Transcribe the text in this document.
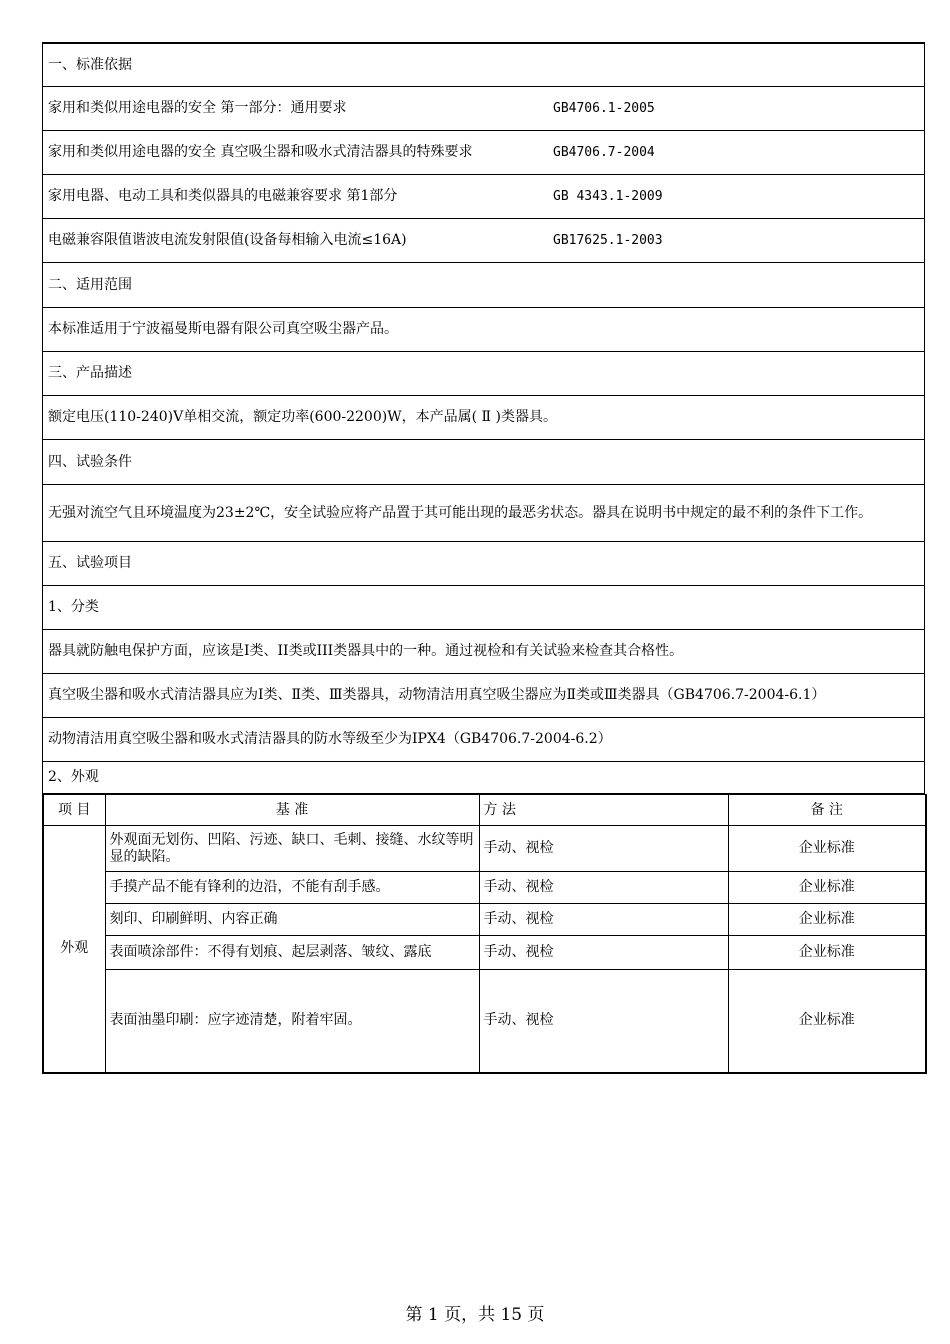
一、标准依据
家用和类似用途电器的安全 第一部分：通用要求	GB4706.1-2005
家用和类似用途电器的安全 真空吸尘器和吸水式清洁器具的特殊要求	GB4706.7-2004
家用电器、电动工具和类似器具的电磁兼容要求 第1部分	GB 4343.1-2009
电磁兼容限值谐波电流发射限值(设备每相输入电流≤16A)	GB17625.1-2003
二、适用范围
本标准适用于宁波福曼斯电器有限公司真空吸尘器产品。
三、产品描述
额定电压(110-240)V单相交流，额定功率(600-2200)W，本产品属( Ⅱ )类器具。
四、试验条件
无强对流空气且环境温度为23±2℃，安全试验应将产品置于其可能出现的最恶劣状态。器具在说明书中规定的最不利的条件下工作。
五、试验项目
1、分类
器具就防触电保护方面，应该是I类、II类或III类器具中的一种。通过视检和有关试验来检查其合格性。
真空吸尘器和吸水式清洁器具应为Ⅰ类、Ⅱ类、Ⅲ类器具，动物清洁用真空吸尘器应为Ⅱ类或Ⅲ类器具（GB4706.7-2004-6.1）
动物清洁用真空吸尘器和吸水式清洁器具的防水等级至少为IPX4（GB4706.7-2004-6.2）
2、外观
项 目	基 准	方 法	备 注
外观	外观面无划伤、凹陷、污迹、缺口、毛刺、接缝、水纹等明显的缺陷。	手动、视检	企业标准
	手摸产品不能有锋利的边沿，不能有刮手感。	手动、视检	企业标准
	刻印、印刷鲜明、内容正确	手动、视检	企业标准
	表面喷涂部件：不得有划痕、起层剥落、皱纹、露底	手动、视检	企业标准
	表面油墨印刷：应字迹清楚，附着牢固。	手动、视检	企业标准
第 1 页，共 15 页
